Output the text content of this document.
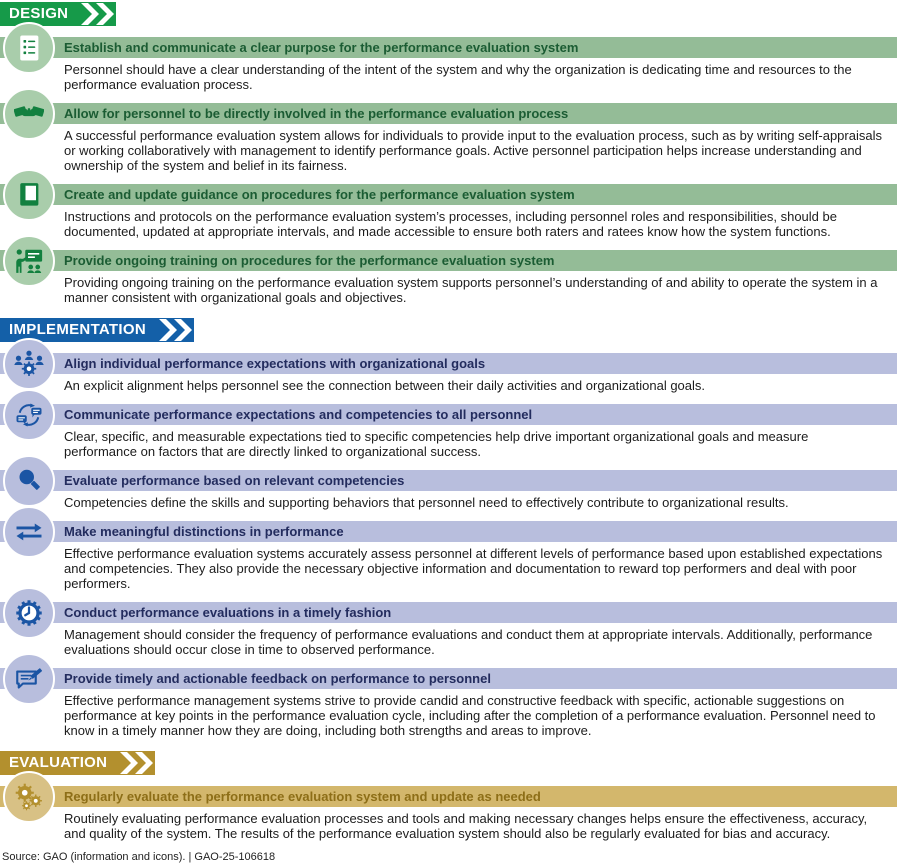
DESIGN
Establish and communicate a clear purpose for the performance evaluation system

Personnel should have a clear understanding of the intent of the system and why the organization is dedicating time and resources to the performance evaluation process.

Allow for personnel to be directly involved in the performance evaluation process

A successful performance evaluation system allows for individuals to provide input to the evaluation process, such as by writing self-appraisals or working collaboratively with management to identify performance goals. Active personnel participation helps increase understanding and ownership of the system and belief in its fairness.

Create and update guidance on procedures for the performance evaluation system

Instructions and protocols on the performance evaluation system’s processes, including personnel roles and responsibilities, should be documented, updated at appropriate intervals, and made accessible to ensure both raters and ratees know how the system functions.

Provide ongoing training on procedures for the performance evaluation system

Providing ongoing training on the performance evaluation system supports personnel’s understanding of and ability to operate the system in a manner consistent with organizational goals and objectives.

IMPLEMENTATION
Align individual performance expectations with organizational goals

An explicit alignment helps personnel see the connection between their daily activities and organizational goals.

Communicate performance expectations and competencies to all personnel

Clear, specific, and measurable expectations tied to specific competencies help drive important organizational goals and measure performance on factors that are directly linked to organizational success.

Evaluate performance based on relevant competencies

Competencies define the skills and supporting behaviors that personnel need to effectively contribute to organizational results.

Make meaningful distinctions in performance

Effective performance evaluation systems accurately assess personnel at different levels of performance based upon established expectations and competencies. They also provide the necessary objective information and documentation to reward top performers and deal with poor performers.

Conduct performance evaluations in a timely fashion

Management should consider the frequency of performance evaluations and conduct them at appropriate intervals. Additionally, performance evaluations should occur close in time to observed performance.

Provide timely and actionable feedback on performance to personnel

Effective performance management systems strive to provide candid and constructive feedback with specific, actionable suggestions on performance at key points in the performance evaluation cycle, including after the completion of a performance evaluation. Personnel need to know in a timely manner how they are doing, including both strengths and areas to improve.

EVALUATION
Regularly evaluate the performance evaluation system and update as needed

Routinely evaluating performance evaluation processes and tools and making necessary changes helps ensure the effectiveness, accuracy, and quality of the system. The results of the performance evaluation system should also be regularly evaluated for bias and accuracy.

Source: GAO (information and icons). | GAO-25-106618
